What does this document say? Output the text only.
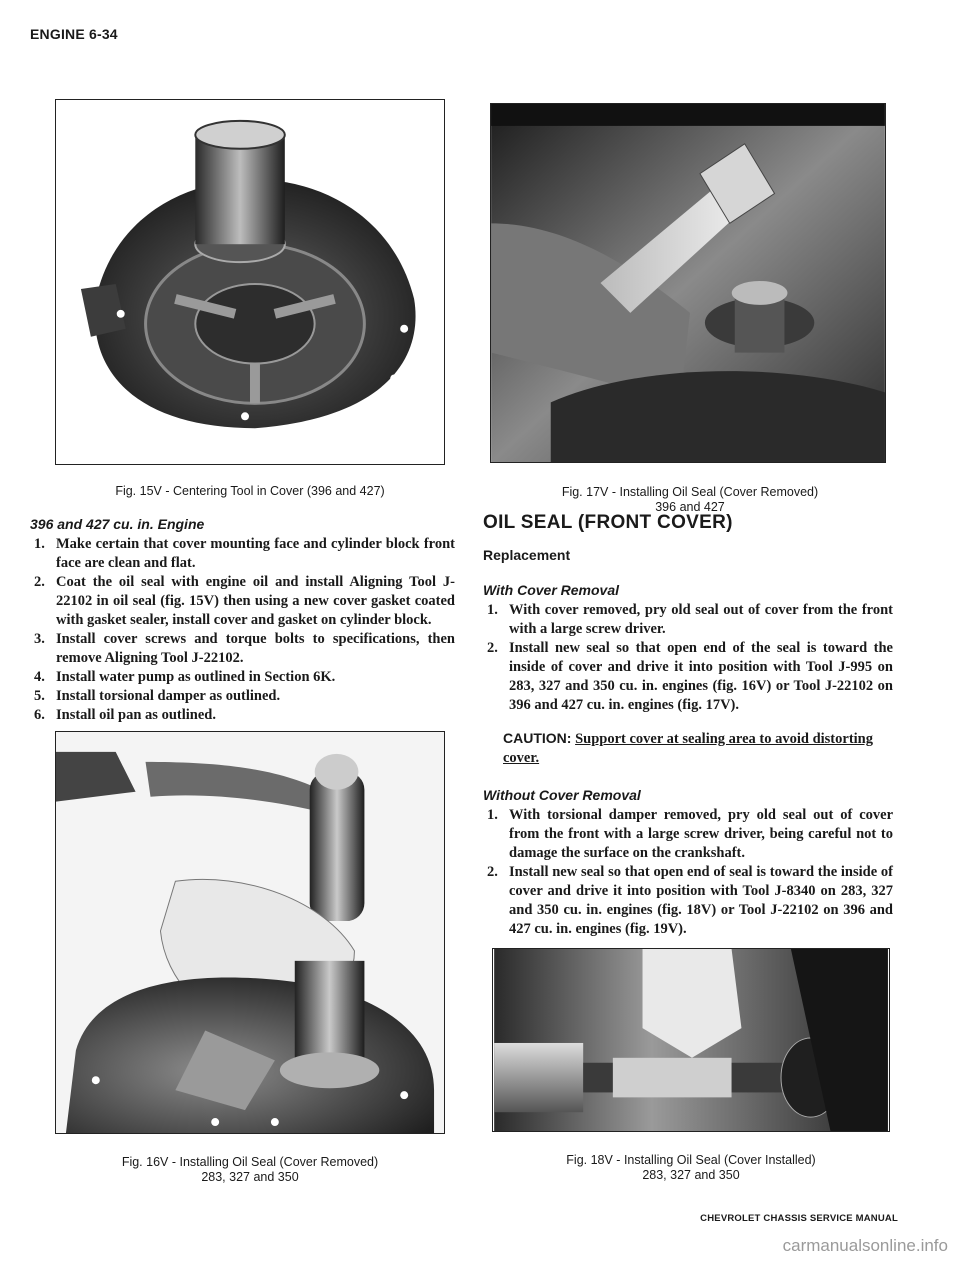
ENGINE 6-34
Fig. 15V - Centering Tool in Cover (396 and 427)	Fig. 17V - Installing Oil Seal (Cover Removed)
396 and 427
396 and 427 cu. in. Engine
1. Make certain that cover mounting face and cylinder block front face are clean and flat.
2. Coat the oil seal with engine oil and install Aligning Tool J-22102 in oil seal (fig. 15V) then using a new cover gasket coated with gasket sealer, install cover and gasket on cylinder block.
3. Install cover screws and torque bolts to specifications, then remove Aligning Tool J-22102.
4. Install water pump as outlined in Section 6K.
5. Install torsional damper as outlined.
6. Install oil pan as outlined.
OIL SEAL (FRONT COVER)
Replacement
With Cover Removal
1. With cover removed, pry old seal out of cover from the front with a large screw driver.
2. Install new seal so that open end of the seal is toward the inside of cover and drive it into position with Tool J-995 on 283, 327 and 350 cu. in. engines (fig. 16V) or Tool J-22102 on 396 and 427 cu. in. engines (fig. 17V).
CAUTION: Support cover at sealing area to avoid distorting cover.
Without Cover Removal
1. With torsional damper removed, pry old seal out of cover from the front with a large screw driver, being careful not to damage the surface on the crankshaft.
2. Install new seal so that open end of seal is toward the inside of cover and drive it into position with Tool J-8340 on 283, 327 and 350 cu. in. engines (fig. 18V) or Tool J-22102 on 396 and 427 cu. in. engines (fig. 19V).
Fig. 16V - Installing Oil Seal (Cover Removed)
283, 327 and 350
Fig. 18V - Installing Oil Seal (Cover Installed)
283, 327 and 350
CHEVROLET CHASSIS SERVICE MANUAL
carmanualsonline.info
